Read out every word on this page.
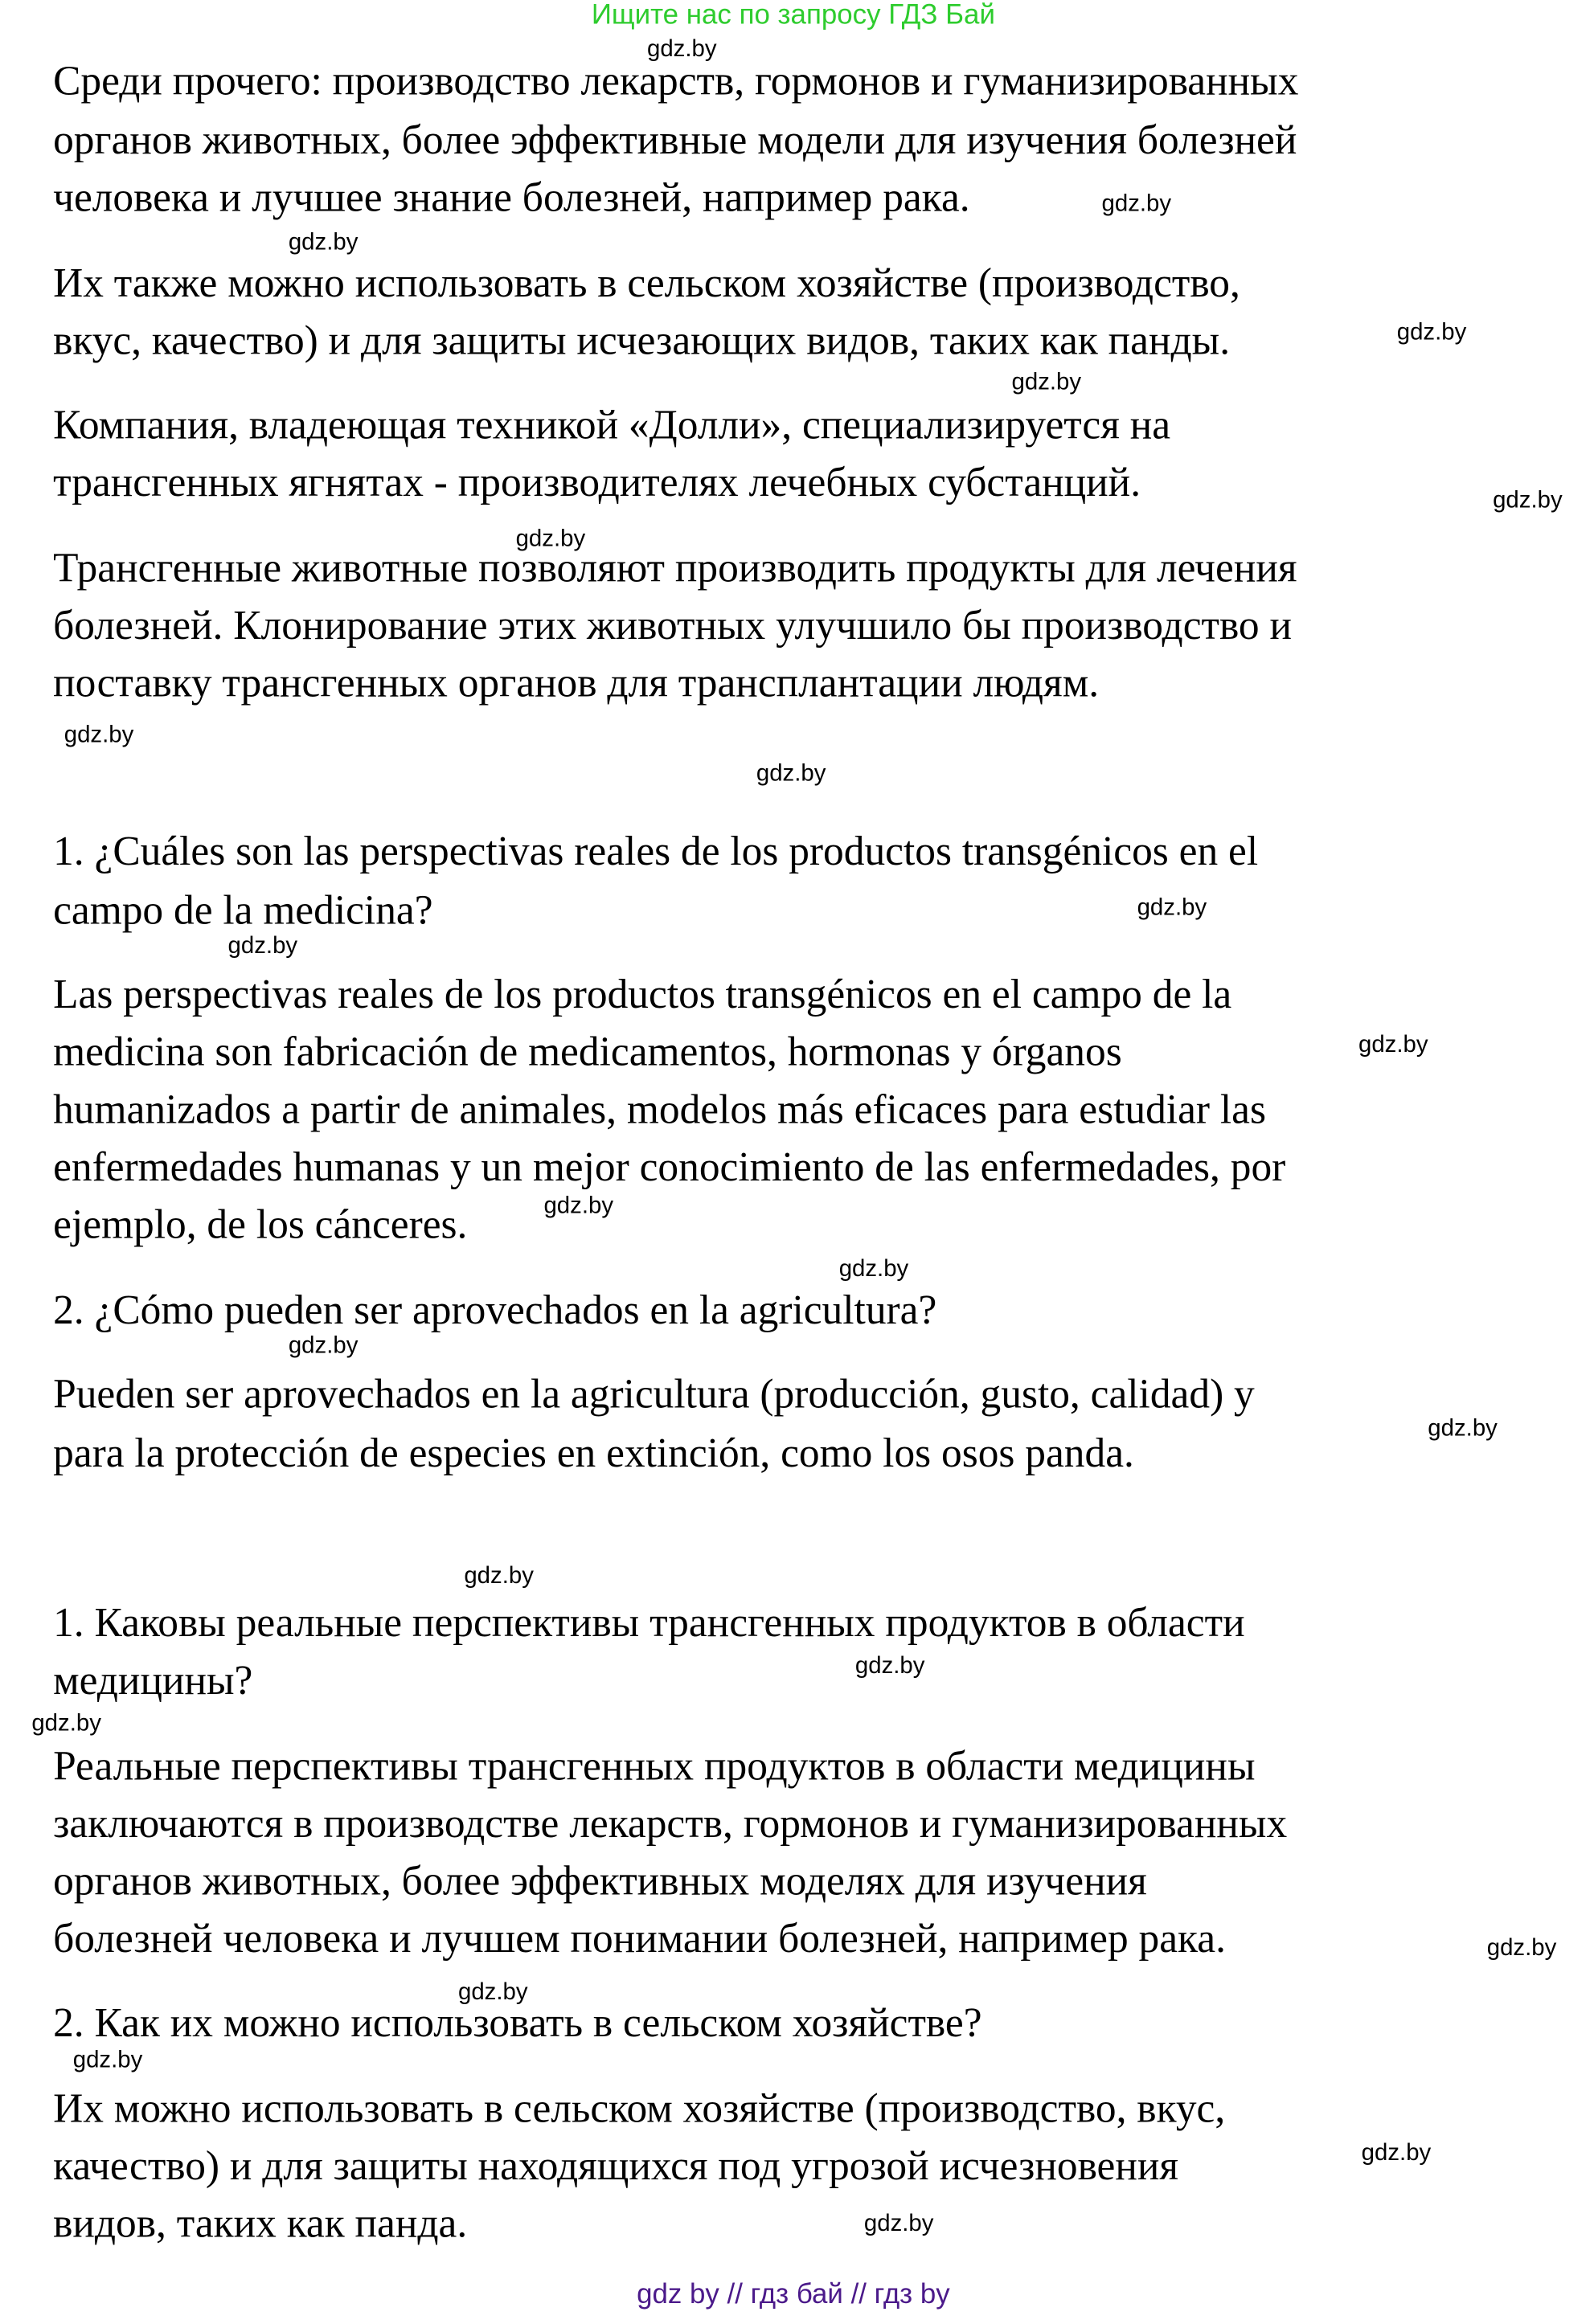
Ищите нас по запросу ГДЗ Бай
Среди прочего: производство лекарств, гормонов и гуманизированных
органов животных, более эффективные модели для изучения болезней
человека и лучшее знание болезней, например рака.
Их также можно использовать в сельском хозяйстве (производство,
вкус, качество) и для защиты исчезающих видов, таких как панды.
Компания, владеющая техникой «Долли», специализируется на
трансгенных ягнятах - производителях лечебных субстанций.
Трансгенные животные позволяют производить продукты для лечения
болезней. Клонирование этих животных улучшило бы производство и
поставку трансгенных органов для трансплантации людям.
1. ¿Cuáles son las perspectivas reales de los productos transgénicos en el
campo de la medicina?
Las perspectivas reales de los productos transgénicos en el campo de la
medicina son fabricación de medicamentos, hormonas y órganos
humanizados a partir de animales, modelos más eficaces para estudiar las
enfermedades humanas y un mejor conocimiento de las enfermedades, por
ejemplo, de los cánceres.
2. ¿Cómo pueden ser aprovechados en la agricultura?
Pueden ser aprovechados en la agricultura (producción, gusto, calidad) y
para la protección de especies en extinción, como los osos panda.
1. Каковы реальные перспективы трансгенных продуктов в области
медицины?
Реальные перспективы трансгенных продуктов в области медицины
заключаются в производстве лекарств, гормонов и гуманизированных
органов животных, более эффективных моделях для изучения
болезней человека и лучшем понимании болезней, например рака.
2. Как их можно использовать в сельском хозяйстве?
Их можно использовать в сельском хозяйстве (производство, вкус,
качество) и для защиты находящихся под угрозой исчезновения
видов, таких как панда.
gdz.by
gdz.by
gdz.by
gdz.by
gdz.by
gdz.by
gdz.by
gdz.by
gdz.by
gdz.by
gdz.by
gdz.by
gdz.by
gdz.by
gdz.by
gdz.by
gdz.by
gdz.by
gdz.by
gdz.by
gdz.by
gdz.by
gdz.by
gdz.by
gdz by // гдз бай // гдз by
